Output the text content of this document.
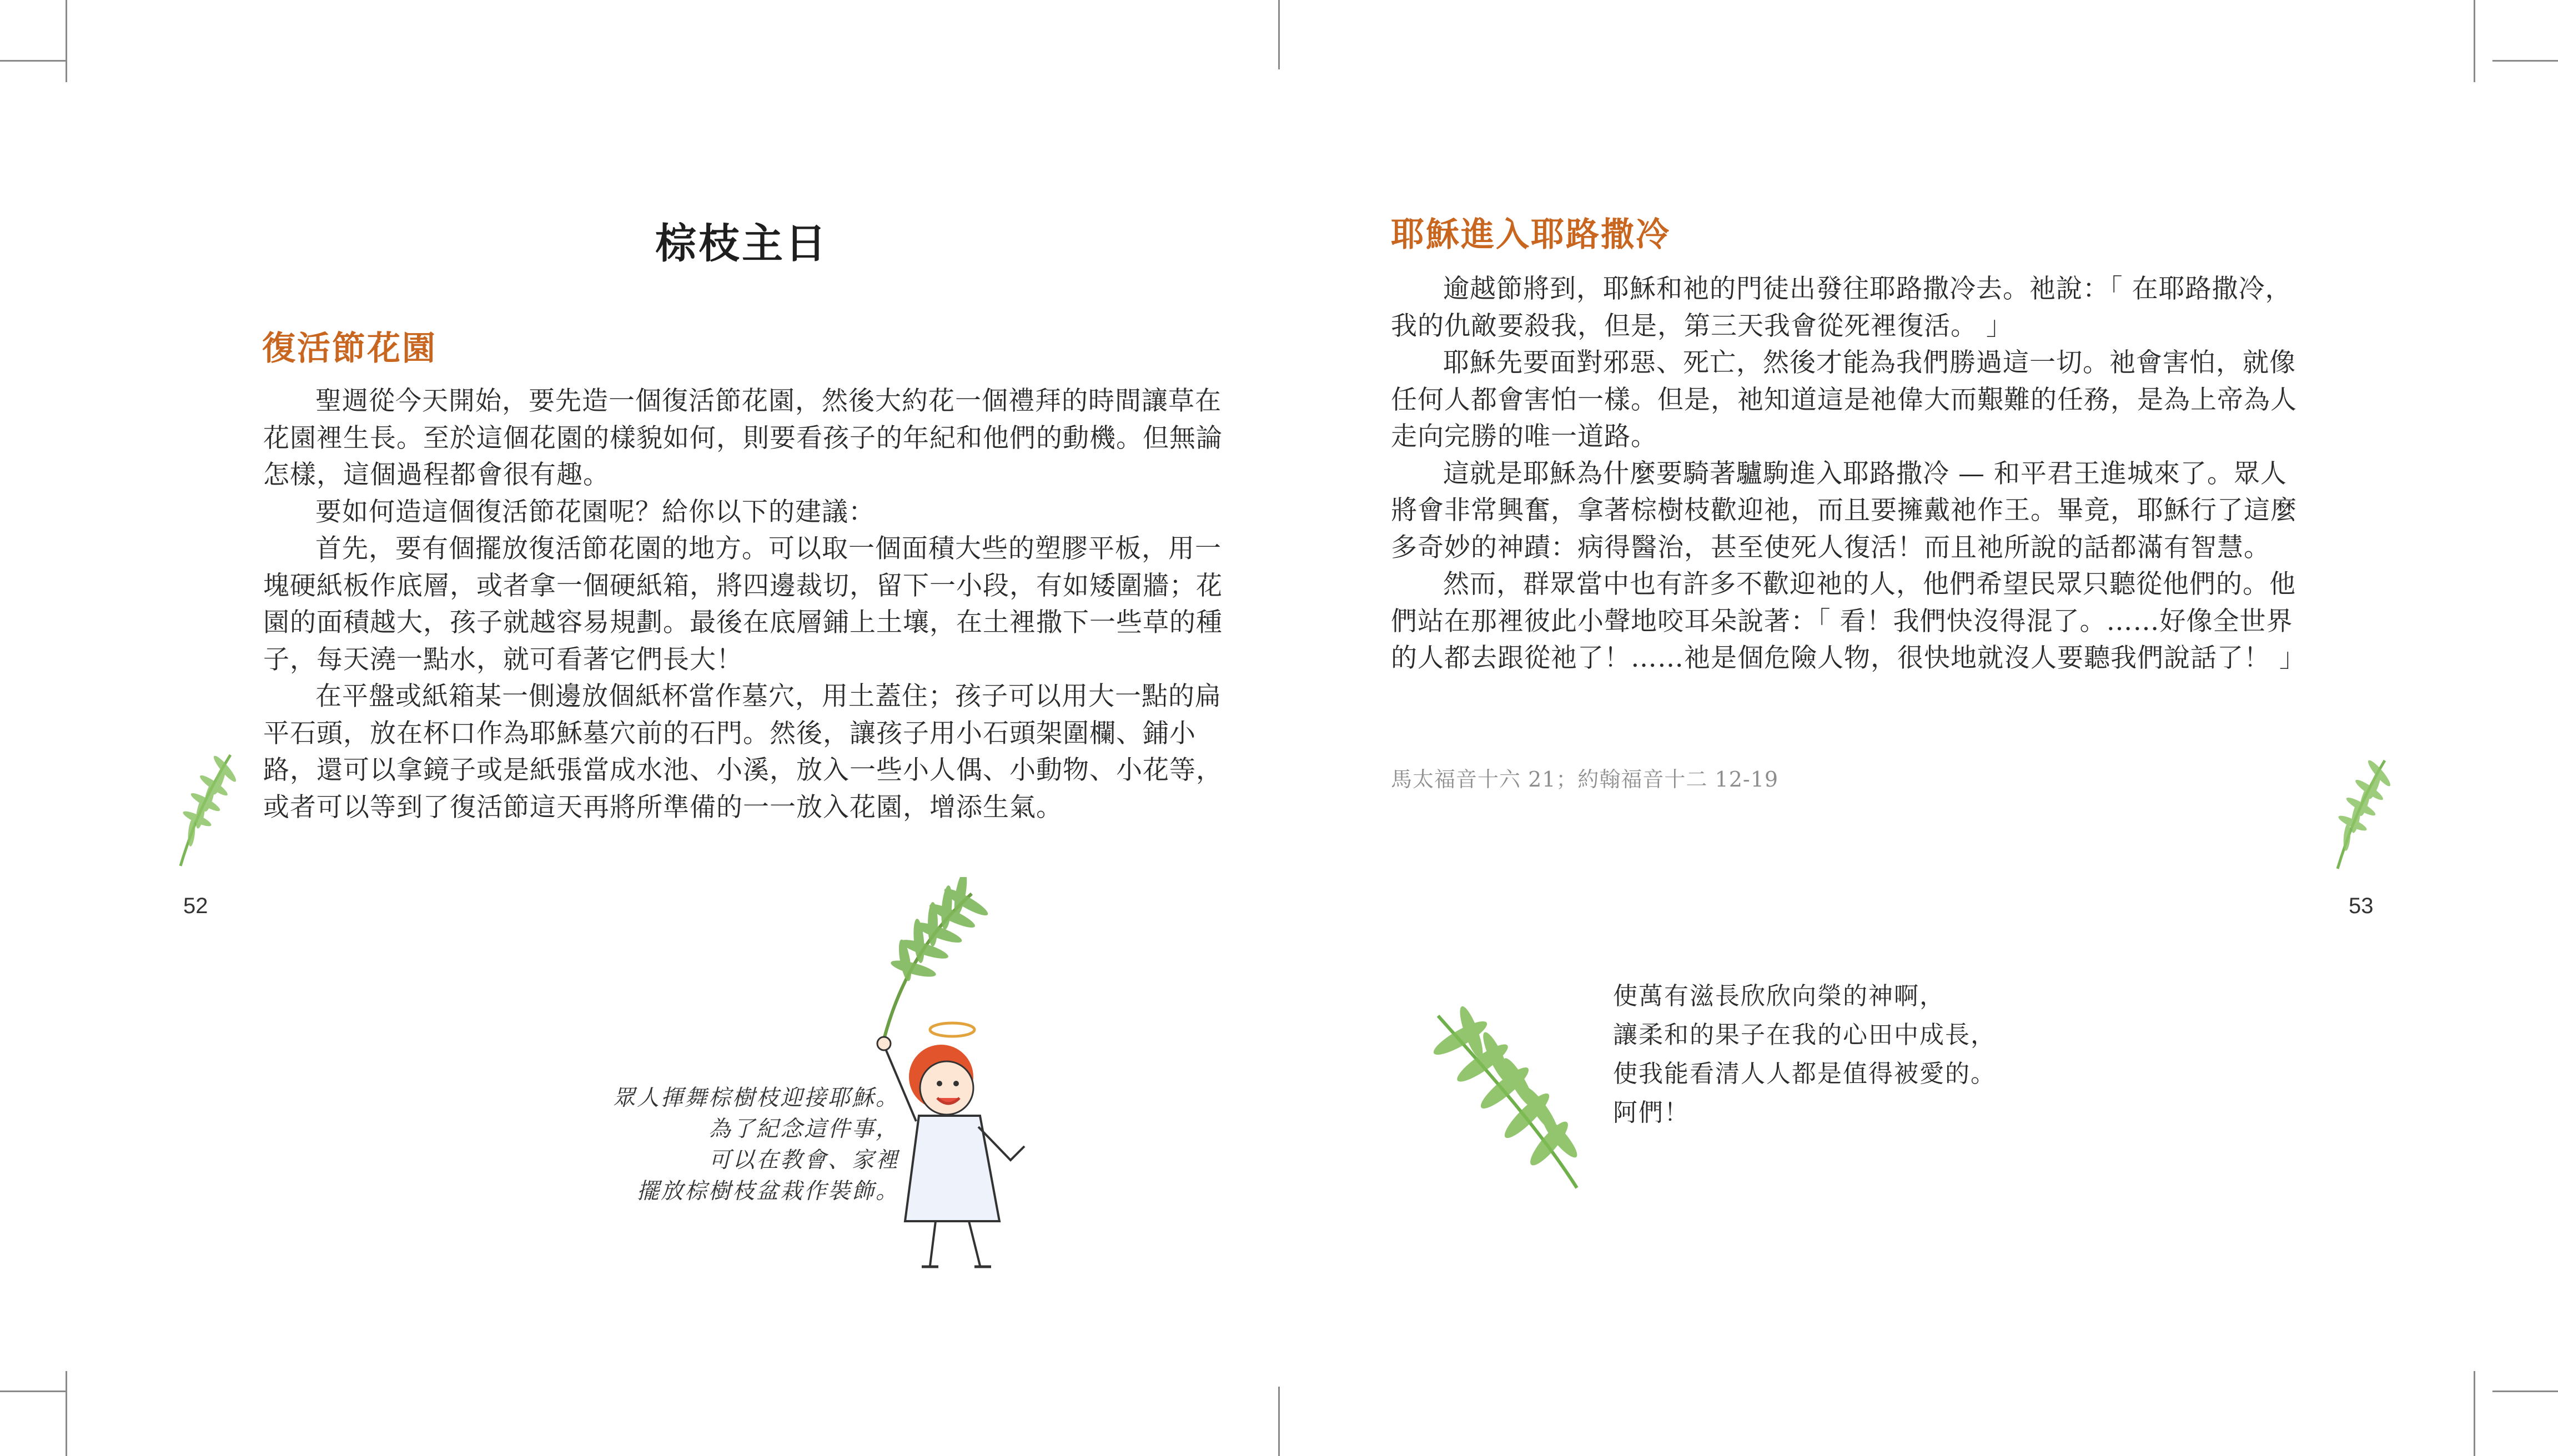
棕枝主日
復活節花園

聖週從今天開始，要先造一個復活節花園，然後大約花一個禮拜的時間讓草在花園裡生長。至於這個花園的樣貌如何，則要看孩子的年紀和他們的動機。但無論怎樣，這個過程都會很有趣。

要如何造這個復活節花園呢？給你以下的建議：

首先，要有個擺放復活節花園的地方。可以取一個面積大些的塑膠平板，用一塊硬紙板作底層，或者拿一個硬紙箱，將四邊裁切，留下一小段，有如矮圍牆；花園的面積越大，孩子就越容易規劃。最後在底層鋪上土壤，在土裡撒下一些草的種子，每天澆一點水，就可看著它們長大！

在平盤或紙箱某一側邊放個紙杯當作墓穴，用土蓋住；孩子可以用大一點的扁平石頭，放在杯口作為耶穌墓穴前的石門。然後，讓孩子用小石頭架圍欄、鋪小路，還可以拿鏡子或是紙張當成水池、小溪，放入一些小人偶、小動物、小花等，或者可以等到了復活節這天再將所準備的一一放入花園，增添生氣。

52
眾人揮舞棕樹枝迎接耶穌。
為了紀念這件事，
可以在教會、家裡
擺放棕樹枝盆栽作裝飾。
耶穌進入耶路撒冷

逾越節將到，耶穌和祂的門徒出發往耶路撒冷去。祂說：「 在耶路撒冷，我的仇敵要殺我，但是，第三天我會從死裡復活。 」

耶穌先要面對邪惡、死亡，然後才能為我們勝過這一切。祂會害怕，就像任何人都會害怕一樣。但是，祂知道這是祂偉大而艱難的任務，是為上帝為人走向完勝的唯一道路。

這就是耶穌為什麼要騎著驢駒進入耶路撒冷 — 和平君王進城來了。眾人將會非常興奮，拿著棕樹枝歡迎祂，而且要擁戴祂作王。畢竟，耶穌行了這麼多奇妙的神蹟：病得醫治，甚至使死人復活！而且祂所說的話都滿有智慧。

然而，群眾當中也有許多不歡迎祂的人，他們希望民眾只聽從他們的。他們站在那裡彼此小聲地咬耳朵說著：「 看！我們快沒得混了。……好像全世界的人都去跟從祂了！……祂是個危險人物，很快地就沒人要聽我們說話了！ 」

馬太福音十六 21；約翰福音十二 12-19
53
使萬有滋長欣欣向榮的神啊，
讓柔和的果子在我的心田中成長，
使我能看清人人都是值得被愛的。
阿們！
